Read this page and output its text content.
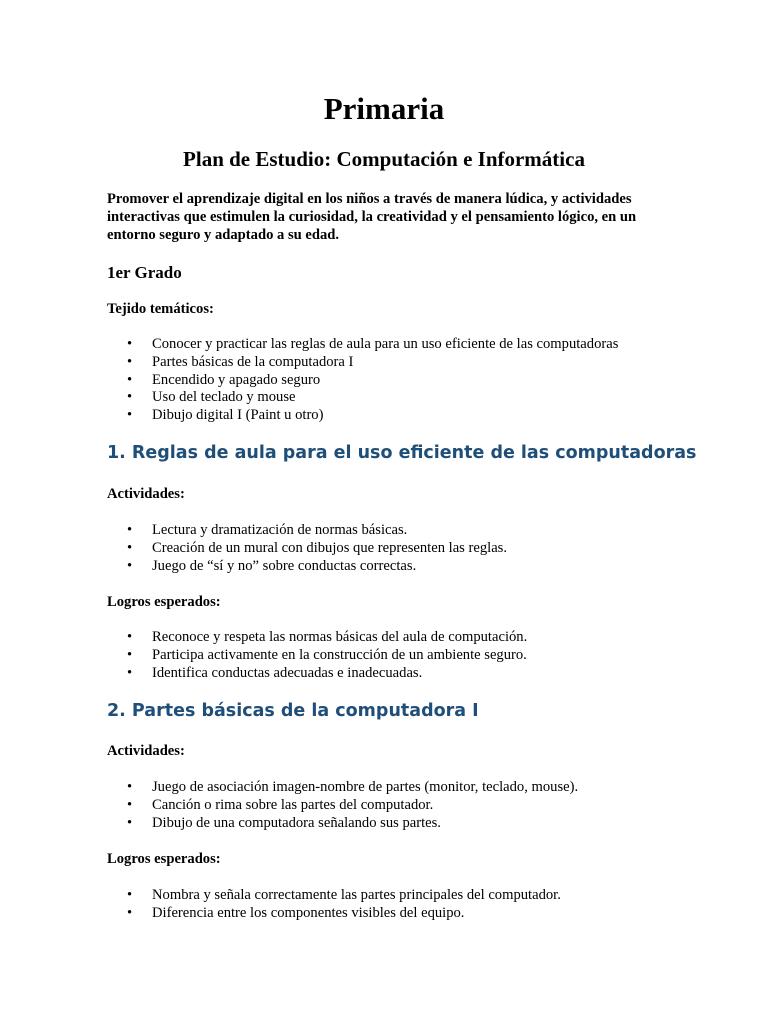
Primaria
Plan de Estudio: Computación e Informática

Promover el aprendizaje digital en los niños a través de manera lúdica, y actividades interactivas que estimulen la curiosidad, la creatividad y el pensamiento lógico, en un entorno seguro y adaptado a su edad.

1er Grado

Tejido temáticos:

• Conocer y practicar las reglas de aula para un uso eficiente de las computadoras
• Partes básicas de la computadora I
• Encendido y apagado seguro
• Uso del teclado y mouse
• Dibujo digital I (Paint u otro)
1. Reglas de aula para el uso eficiente de las computadoras

Actividades:

• Lectura y dramatización de normas básicas.
• Creación de un mural con dibujos que representen las reglas.
• Juego de “sí y no” sobre conductas correctas.

Logros esperados:

• Reconoce y respeta las normas básicas del aula de computación.
• Participa activamente en la construcción de un ambiente seguro.
• Identifica conductas adecuadas e inadecuadas.
2. Partes básicas de la computadora I

Actividades:

• Juego de asociación imagen-nombre de partes (monitor, teclado, mouse).
• Canción o rima sobre las partes del computador.
• Dibujo de una computadora señalando sus partes.

Logros esperados:

• Nombra y señala correctamente las partes principales del computador.
• Diferencia entre los componentes visibles del equipo.
